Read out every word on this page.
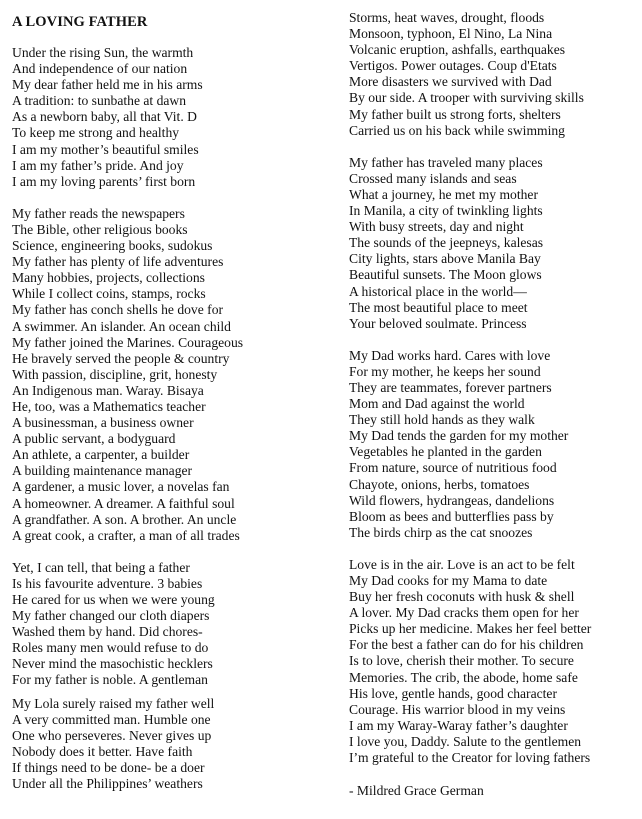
A LOVING FATHER
Under the rising Sun, the warmth
And independence of our nation
My dear father held me in his arms
A tradition: to sunbathe at dawn
As a newborn baby, all that Vit. D
To keep me strong and healthy
I am my mother’s beautiful smiles
I am my father’s pride. And joy
I am my loving parents’ first born
My father reads the newspapers
The Bible, other religious books
Science, engineering books, sudokus
My father has plenty of life adventures
Many hobbies, projects, collections
While I collect coins, stamps, rocks
My father has conch shells he dove for
A swimmer. An islander. An ocean child
My father joined the Marines. Courageous
He bravely served the people & country
With passion, discipline, grit, honesty
An Indigenous man. Waray. Bisaya
He, too, was a Mathematics teacher
A businessman, a business owner
A public servant, a bodyguard
An athlete, a carpenter, a builder
A building maintenance manager
A gardener, a music lover, a novelas fan
A homeowner. A dreamer. A faithful soul
A grandfather. A son. A brother. An uncle
A great cook, a crafter, a man of all trades
Yet, I can tell, that being a father
Is his favourite adventure. 3 babies
He cared for us when we were young
My father changed our cloth diapers
Washed them by hand. Did chores-
Roles many men would refuse to do
Never mind the masochistic hecklers
For my father is noble. A gentleman
My Lola surely raised my father well
A very committed man. Humble one
One who perseveres. Never gives up
Nobody does it better. Have faith
If things need to be done- be a doer
Under all the Philippines’ weathers
Storms, heat waves, drought, floods
Monsoon, typhoon, El Nino, La Nina
Volcanic eruption, ashfalls, earthquakes
Vertigos. Power outages. Coup d'Etats
More disasters we survived with Dad
By our side. A trooper with surviving skills
My father built us strong forts, shelters
Carried us on his back while swimming
My father has traveled many places
Crossed many islands and seas
What a journey, he met my mother
In Manila, a city of twinkling lights
With busy streets, day and night
The sounds of the jeepneys, kalesas
City lights, stars above Manila Bay
Beautiful sunsets. The Moon glows
A historical place in the world—
The most beautiful place to meet
Your beloved soulmate. Princess
My Dad works hard. Cares with love
For my mother, he keeps her sound
They are teammates, forever partners
Mom and Dad against the world
They still hold hands as they walk
My Dad tends the garden for my mother
Vegetables he planted in the garden
From nature, source of nutritious food
Chayote, onions, herbs, tomatoes
Wild flowers, hydrangeas, dandelions
Bloom as bees and butterflies pass by
The birds chirp as the cat snoozes
Love is in the air. Love is an act to be felt
My Dad cooks for my Mama to date
Buy her fresh coconuts with husk & shell
A lover. My Dad cracks them open for her
Picks up her medicine. Makes her feel better
For the best a father can do for his children
Is to love, cherish their mother. To secure
Memories. The crib, the abode, home safe
His love, gentle hands, good character
Courage. His warrior blood in my veins
I am my Waray-Waray father’s daughter
I love you, Daddy. Salute to the gentlemen
I’m grateful to the Creator for loving fathers
- Mildred Grace German
